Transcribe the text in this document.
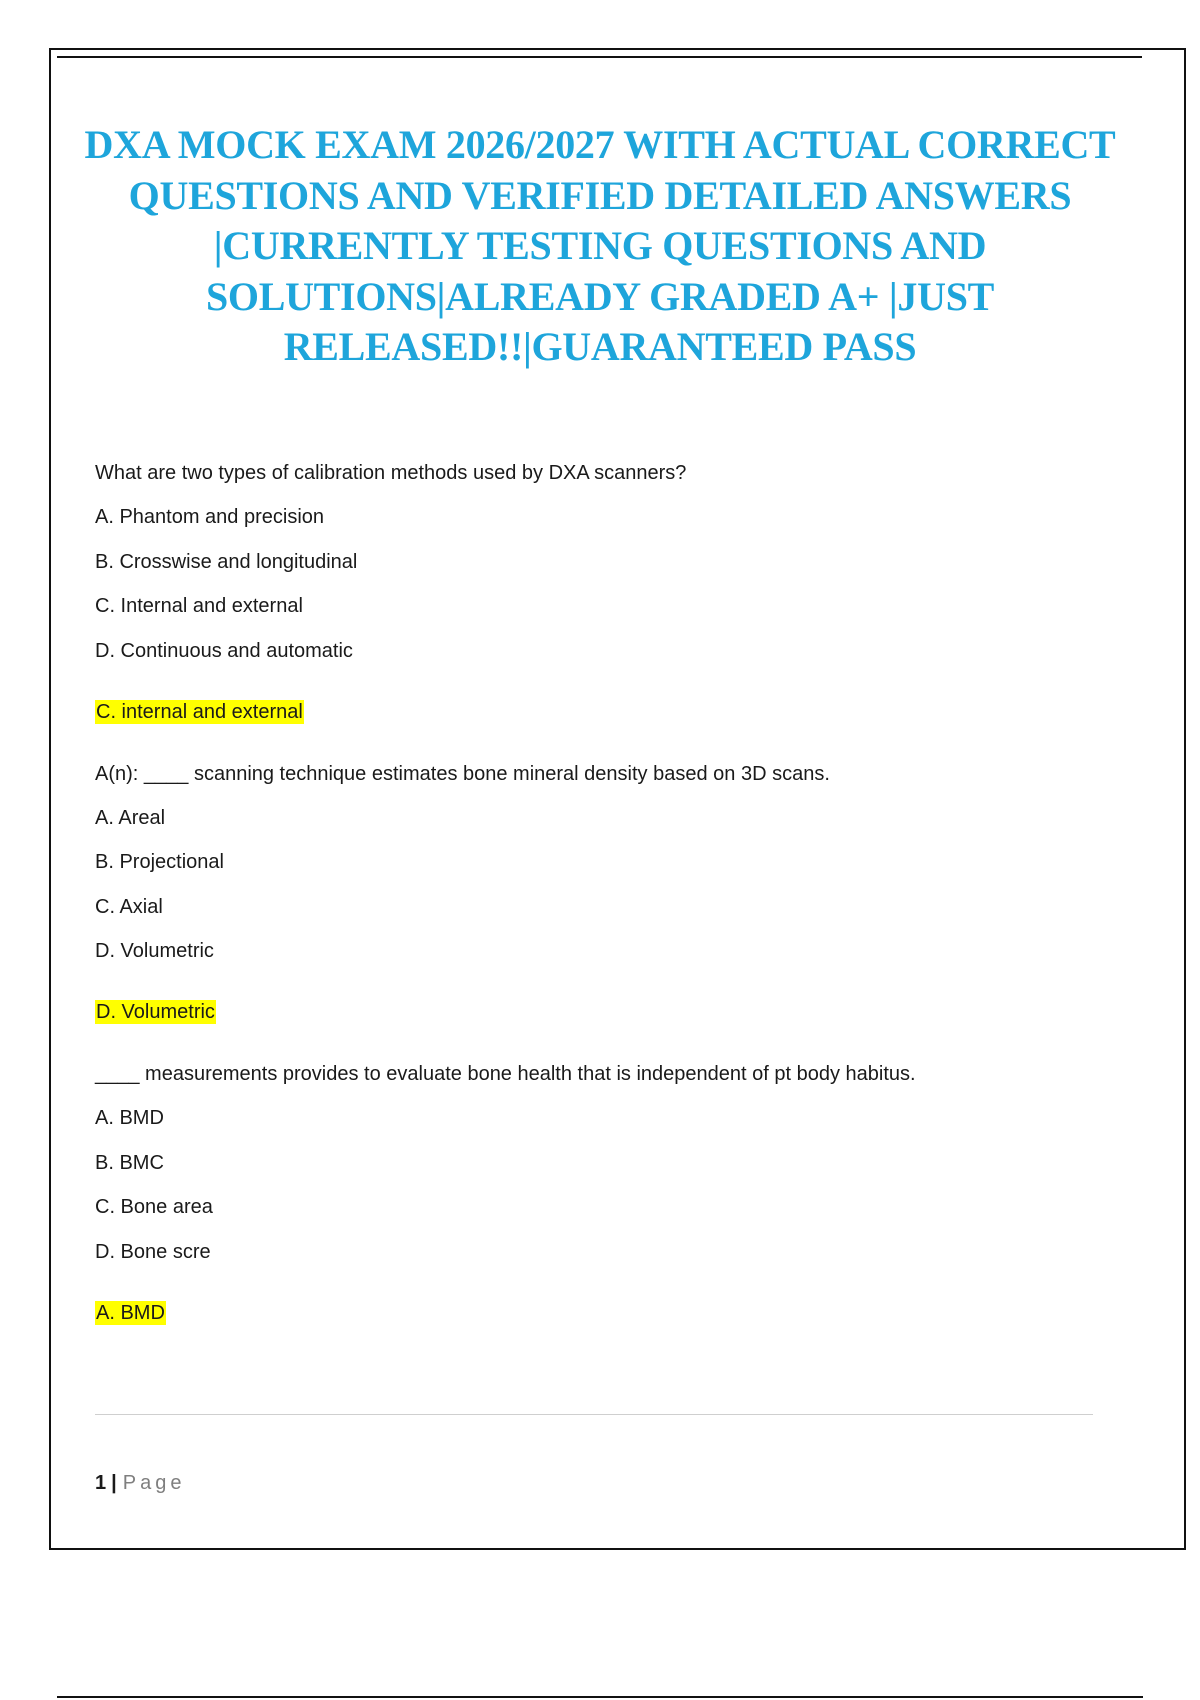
DXA MOCK EXAM 2026/2027 WITH ACTUAL CORRECT QUESTIONS AND VERIFIED DETAILED ANSWERS |CURRENTLY TESTING QUESTIONS AND SOLUTIONS|ALREADY GRADED A+ |JUST RELEASED!!|GUARANTEED PASS

What are two types of calibration methods used by DXA scanners?

A. Phantom and precision

B. Crosswise and longitudinal

C. Internal and external

D. Continuous and automatic

C. internal and external

A(n): ____ scanning technique estimates bone mineral density based on 3D scans.

A. Areal

B. Projectional

C. Axial

D. Volumetric

D. Volumetric

____ measurements provides to evaluate bone health that is independent of pt body habitus.

A. BMD

B. BMC

C. Bone area

D. Bone scre

A. BMD

1 | Page
